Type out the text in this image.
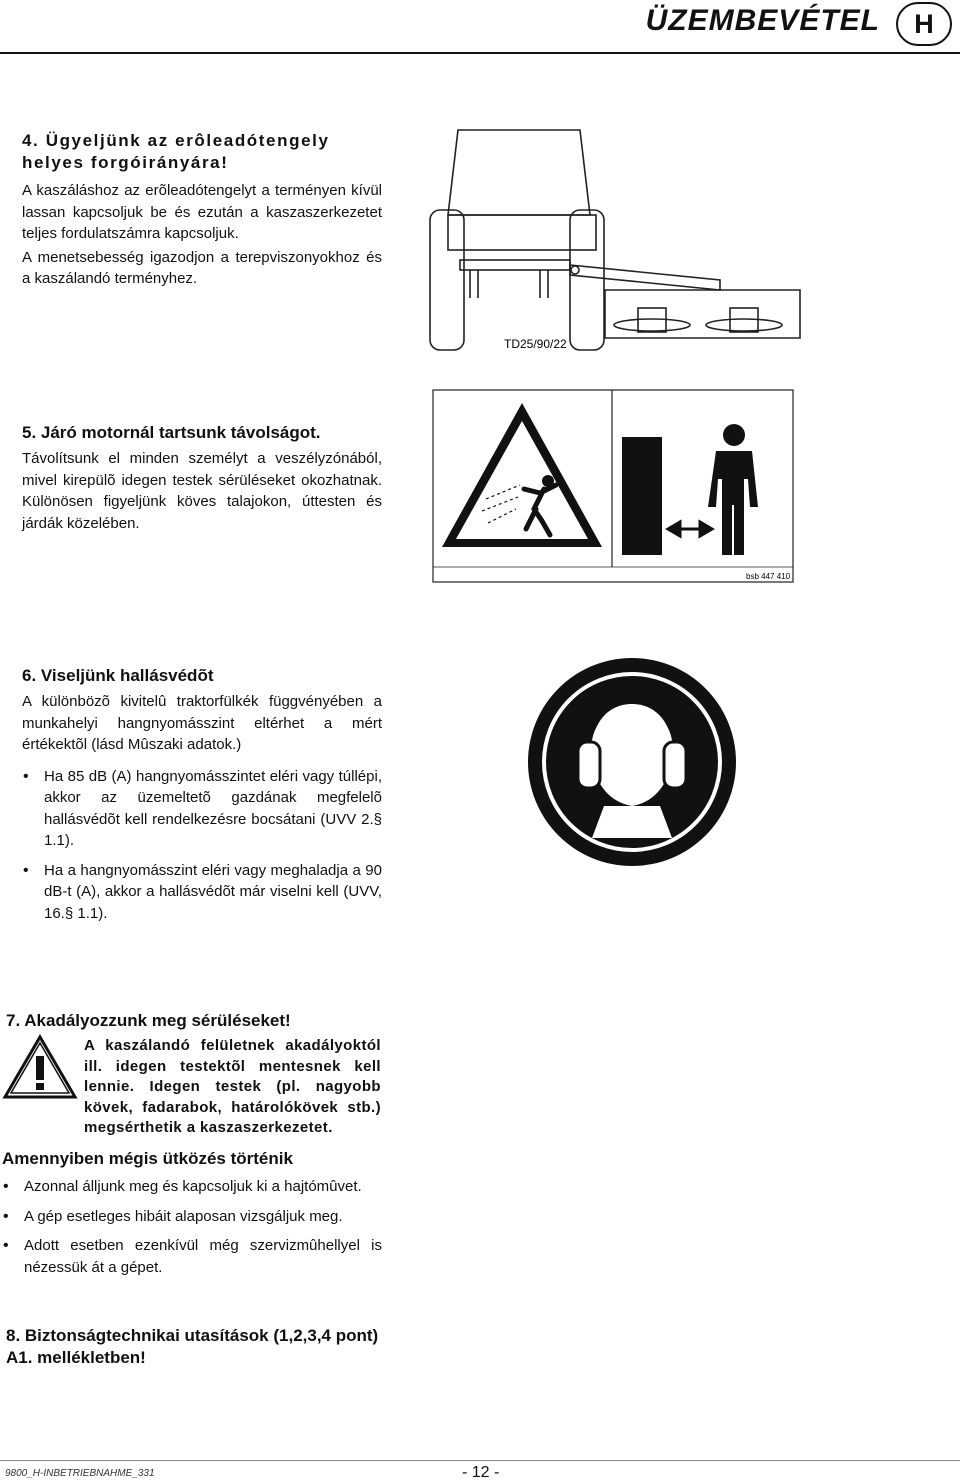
ÜZEMBEVÉTEL	H
4. Ügyeljünk az erôleadótengely helyes forgóirányára!

A kaszáláshoz az erõleadótengelyt a terményen kívül lassan kapcsoljuk be és ezután a kaszaszerkezetet teljes fordulatszámra kapcsoljuk.

A menetsebesség igazodjon a terepviszonyokhoz és a kaszálandó terményhez.

TD25/90/22
5. Járó motornál tartsunk távolságot.

Távolítsunk el minden személyt a veszélyzónából, mivel kirepülõ idegen testek sérüléseket okozhatnak. Különösen figyeljünk köves talajokon, úttesten és járdák közelében.

bsb 447 410
6. Viseljünk hallásvédõt

A különbözõ kivitelû traktorfülkék függvényében a munkahelyi hangnyomásszint eltérhet a mért értékektõl (lásd Mûszaki adatok.)

• Ha 85 dB (A) hangnyomásszintet eléri vagy túllépi, akkor az üzemeltetõ gazdának megfelelõ hallásvédõt kell rendelkezésre bocsátani (UVV 2.§ 1.1).
• Ha a hangnyomásszint eléri vagy meghaladja a 90 dB-t (A), akkor a hallásvédõt már viselni kell (UVV, 16.§ 1.1).
7. Akadályozzunk meg sérüléseket!
A kaszálandó felületnek akadályoktól ill. idegen testektõl mentesnek kell lennie. Idegen testek (pl. nagyobb kövek, fadarabok, határolókövek stb.) megsérthetik a kaszaszerkezetet.
Amennyiben mégis ütközés történik
• Azonnal álljunk meg és kapcsoljuk ki a hajtómûvet.
• A gép esetleges hibáit alaposan vizsgáljuk meg.
• Adott esetben ezenkívül még szervizmûhellyel is nézessük át a gépet.
8. Biztonságtechnikai utasítások (1,2,3,4 pont) A1. mellékletben!
9800_H-INBETRIEBNAHME_331	- 12 -
